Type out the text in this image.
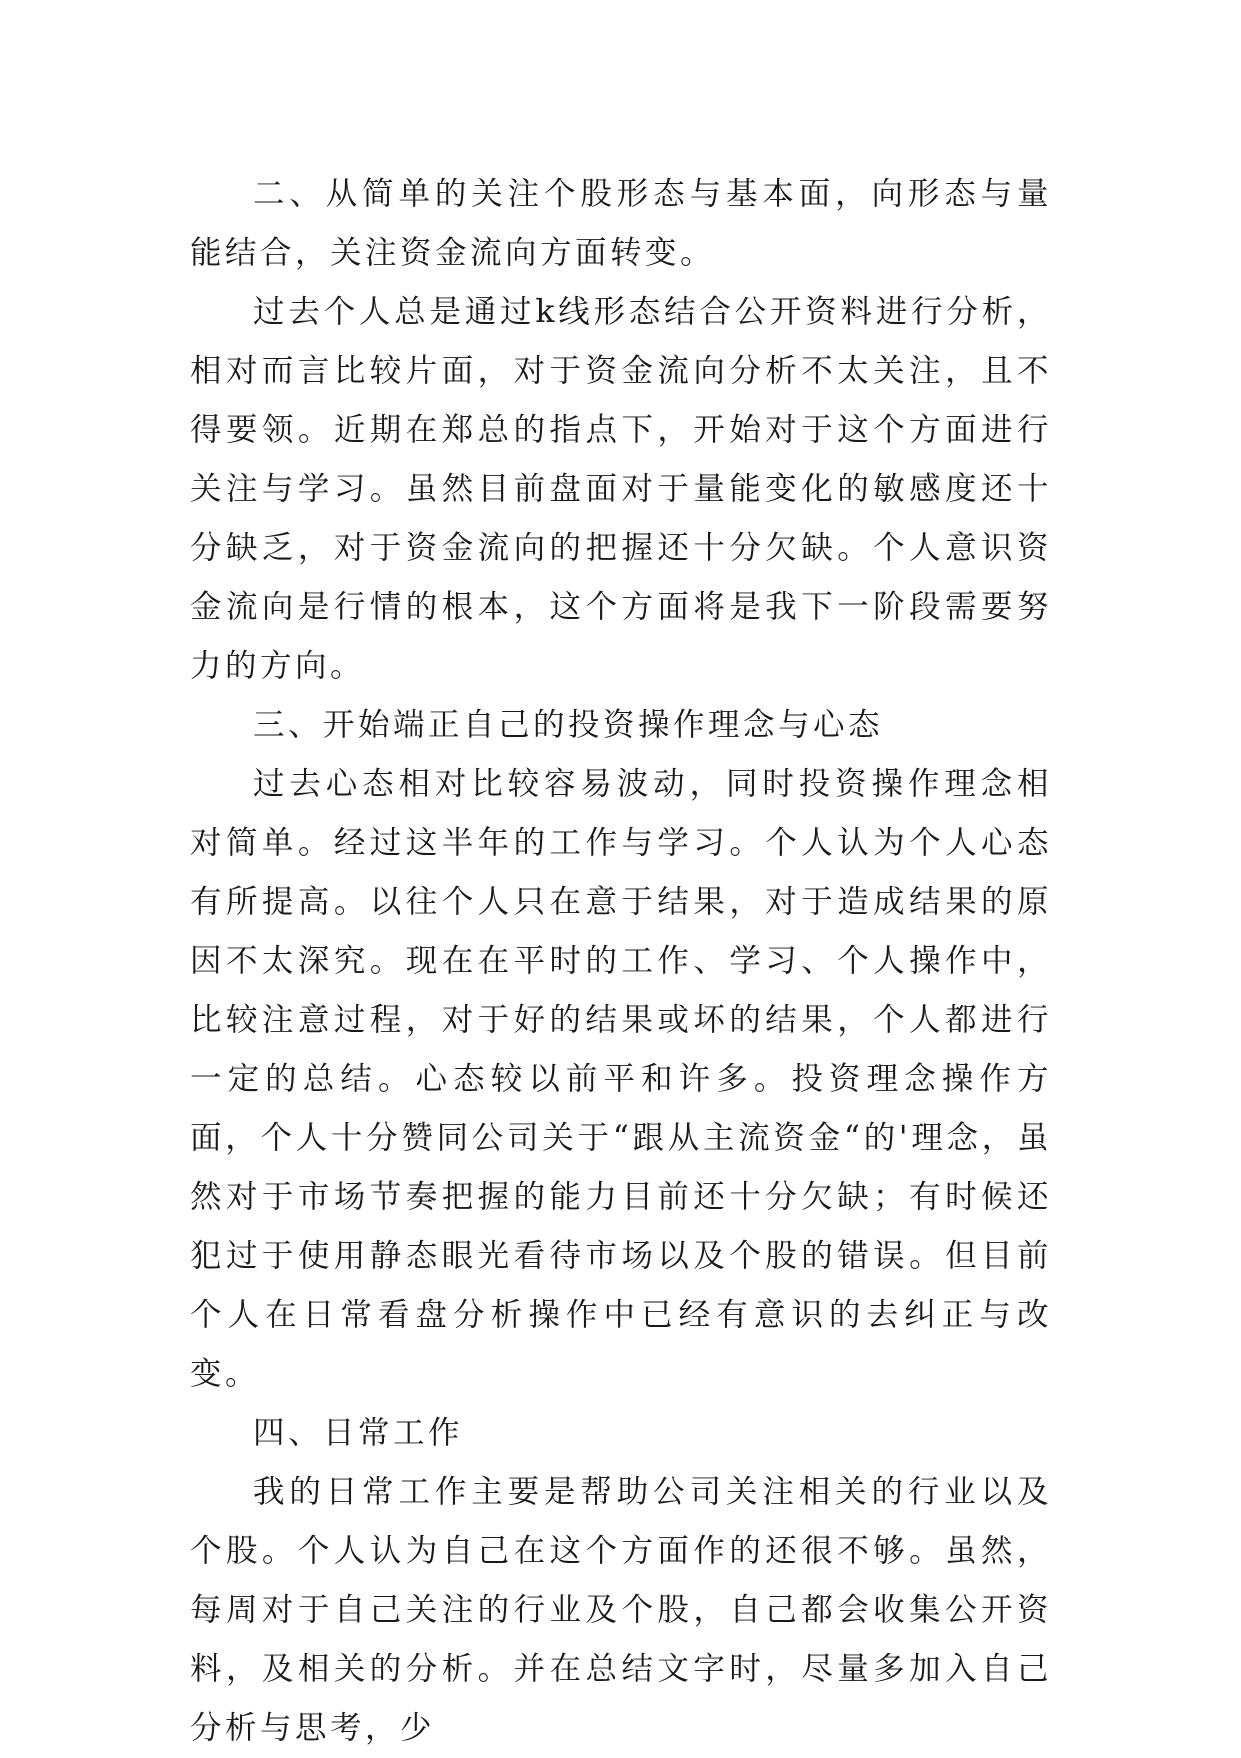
二、从简单的关注个股形态与基本面，向形态与量能结合，关注资金流向方面转变。

过去个人总是通过k线形态结合公开资料进行分析，相对而言比较片面，对于资金流向分析不太关注，且不得要领。近期在郑总的指点下，开始对于这个方面进行关注与学习。虽然目前盘面对于量能变化的敏感度还十分缺乏，对于资金流向的把握还十分欠缺。个人意识资金流向是行情的根本，这个方面将是我下一阶段需要努力的方向。

三、开始端正自己的投资操作理念与心态

过去心态相对比较容易波动，同时投资操作理念相对简单。经过这半年的工作与学习。个人认为个人心态有所提高。以往个人只在意于结果，对于造成结果的原因不太深究。现在在平时的工作、学习、个人操作中，比较注意过程，对于好的结果或坏的结果，个人都进行一定的总结。心态较以前平和许多。投资理念操作方面，个人十分赞同公司关于“跟从主流资金“的'理念，虽然对于市场节奏把握的能力目前还十分欠缺；有时候还犯过于使用静态眼光看待市场以及个股的错误。但目前个人在日常看盘分析操作中已经有意识的去纠正与改变。

四、日常工作

我的日常工作主要是帮助公司关注相关的行业以及个股。个人认为自己在这个方面作的还很不够。虽然，每周对于自己关注的行业及个股，自己都会收集公开资料，及相关的分析。并在总结文字时，尽量多加入自己分析与思考，少
